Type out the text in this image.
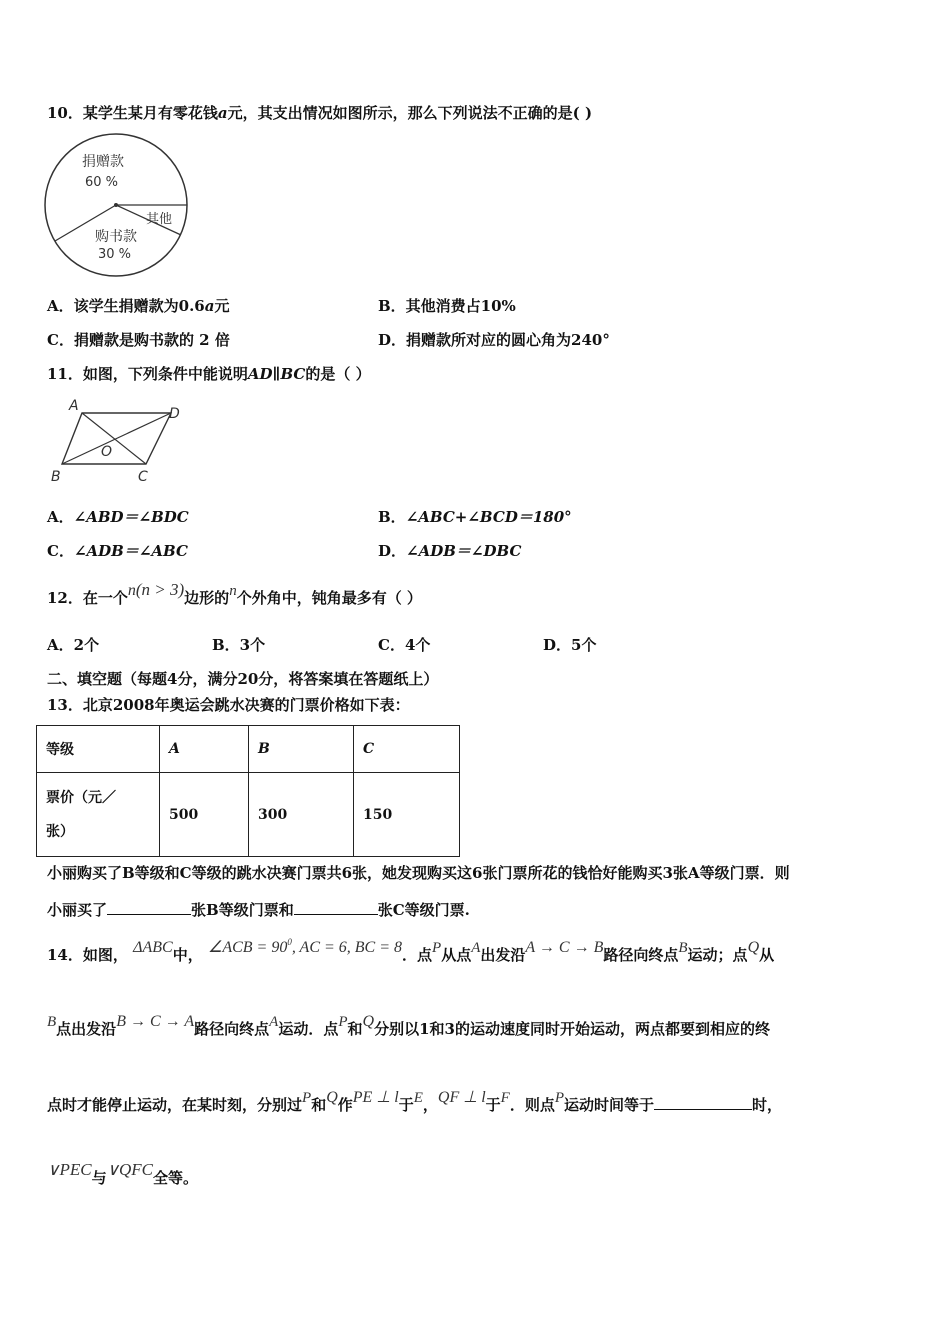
10．某学生某月有零花钱a元，其支出情况如图所示，那么下列说法不正确的是( )
捐赠款
60 %
其他
购书款
30 %
A．该学生捐赠款为0.6a元	B．其他消费占10%
C．捐赠款是购书款的 2 倍	D．捐赠款所对应的圆心角为240°
11．如图，下列条件中能说明AD∥BC的是（ ）
A	D
B	C
O
A．∠ABD＝∠BDC	B．∠ABC+∠BCD＝180°
C．∠ADB＝∠ABC	D．∠ADB＝∠DBC
12．在一个n(n > 3)边形的n个外角中，钝角最多有（ ）
A．2个	B．3个	C．4个	D．5个
二、填空题（每题4分，满分20分，将答案填在答题纸上）
13．北京2008年奥运会跳水决赛的门票价格如下表：
等级	A	B	C
票价（元／
张）	500	300	150
小丽购买了B等级和C等级的跳水决赛门票共6张，她发现购买这6张门票所花的钱恰好能购买3张A等级门票．则
小丽买了	张B等级门票和	张C等级门票.
14．如图， ΔABC中， ∠ACB = $90^0$, AC = 6, BC = 8．点P从点A出发沿A → C → B路径向终点B运动；点Q从
B点出发沿B → C → A路径向终点A运动．点P和Q分别以1和3的运动速度同时开始运动，两点都要到相应的终
点时才能停止运动，在某时刻，分别过P和Q作PE ⊥ l于E，QF ⊥ l于F．则点P运动时间等于	时，
∨PEC与∨QFC全等。
